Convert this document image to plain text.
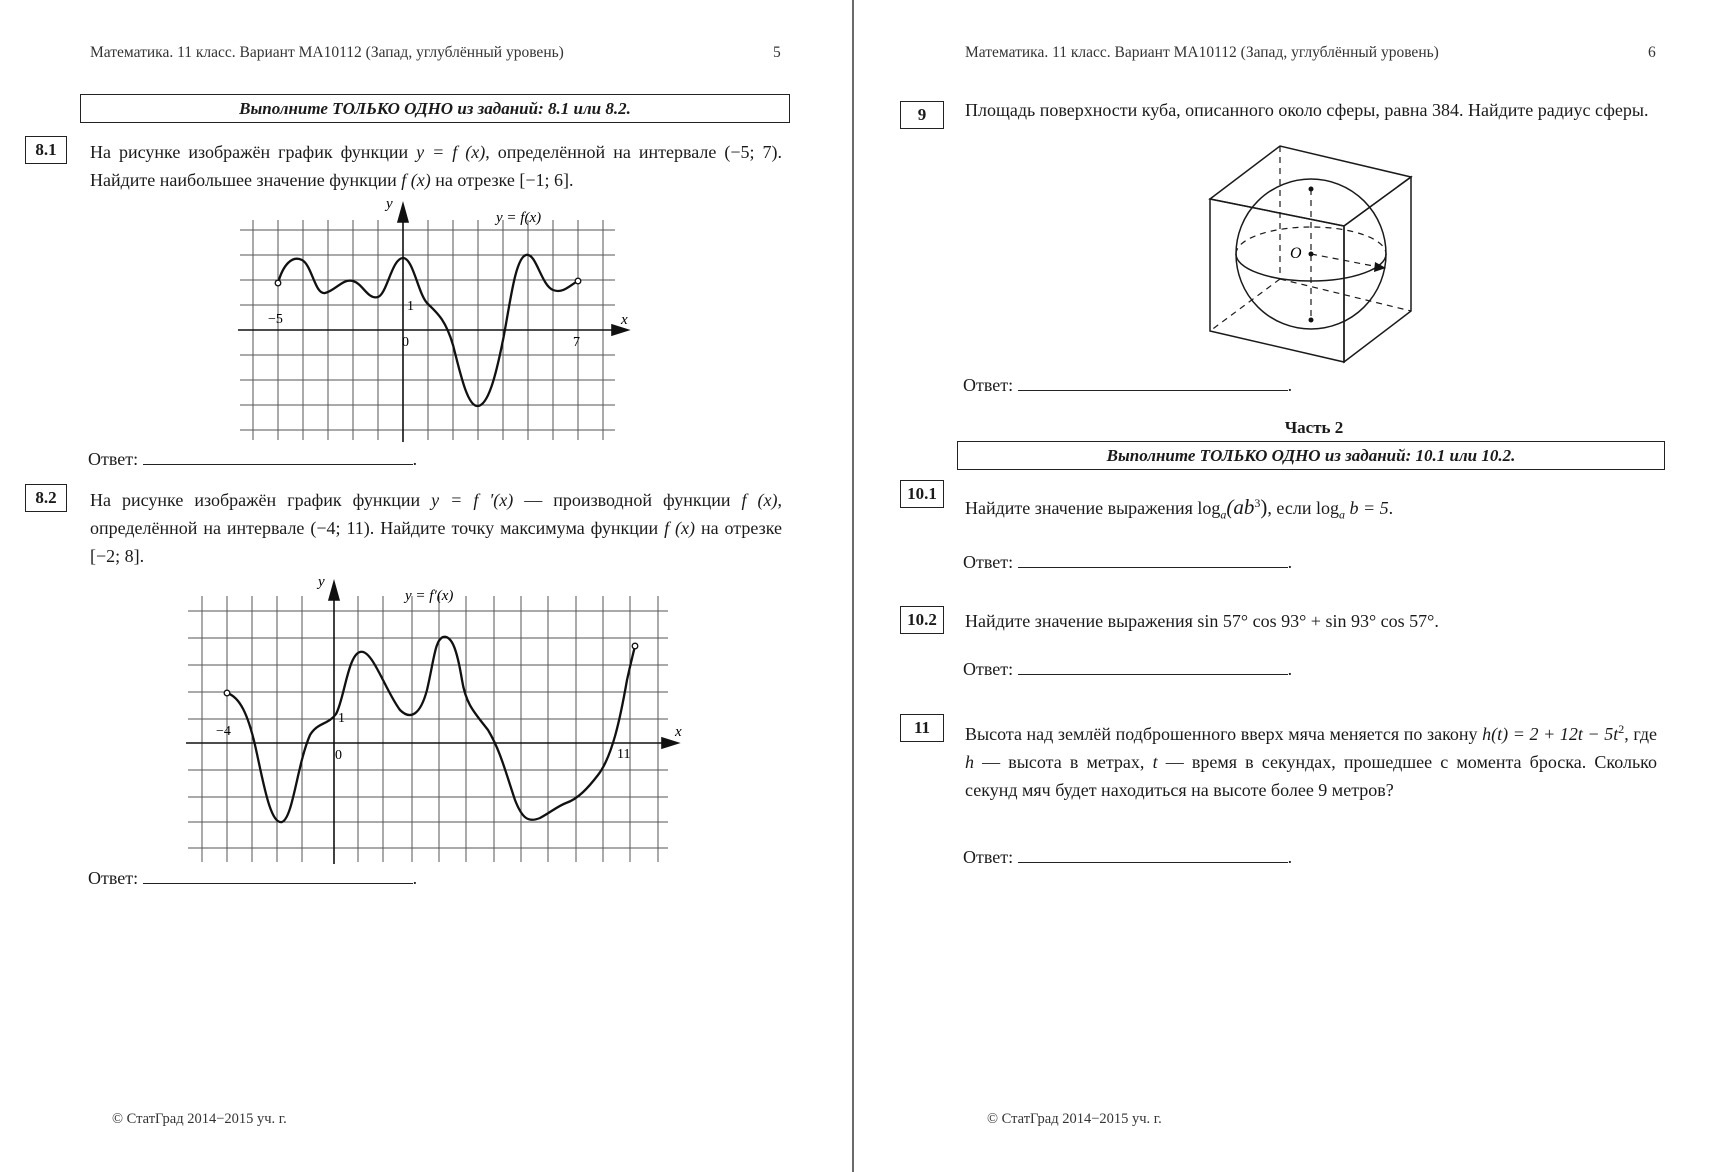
Математика. 11 класс. Вариант МА10112 (Запад, углублённый уровень)	5
Выполните ТОЛЬКО ОДНО из заданий: 8.1 или 8.2.
8.1	На рисунке изображён график функции y = f (x), определённой на интервале (−5; 7). Найдите наибольшее значение функции f (x) на отрезке [−1; 6].
y = f(x)
y
x
−5
0	7
1
Ответ:	.
8.2	На рисунке изображён график функции y = f ′(x) — производной функции f (x), определённой на интервале (−4; 11). Найдите точку максимума функции f (x) на отрезке [−2; 8].
y = f′(x)
y
x
−4
0	11
1
Ответ:	.
© СтатГрад 2014−2015 уч. г.
Математика. 11 класс. Вариант МА10112 (Запад, углублённый уровень)	6
9	Площадь поверхности куба, описанного около сферы, равна 384. Найдите радиус сферы.
O
Ответ:	.
Часть 2
Выполните ТОЛЬКО ОДНО из заданий: 10.1 или 10.2.
10.1
Найдите значение выражения $\log_a(ab^3)$, если $\log_a b = 5$.
Ответ:	.
10.2	Найдите значение выражения sin 57° cos 93° + sin 93° cos 57°.
Ответ:	.
11	Высота над землёй подброшенного вверх мяча меняется по закону $h(t) = 2 + 12t - 5t^2$, где h — высота в метрах, t — время в секундах, прошедшее с момента броска. Сколько секунд мяч будет находиться на высоте более 9 метров?
Ответ:	.
© СтатГрад 2014−2015 уч. г.
